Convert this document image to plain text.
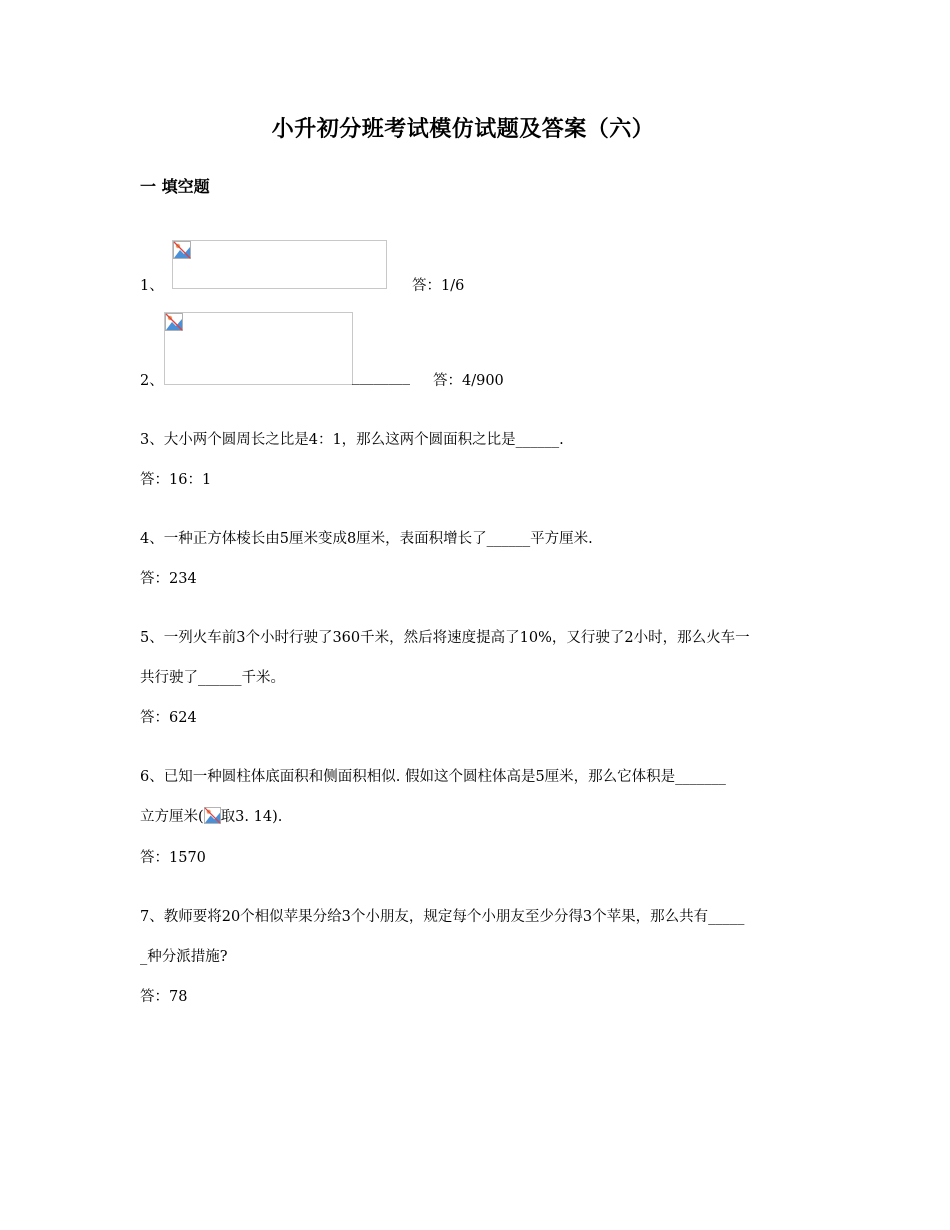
小升初分班考试模仿试题及答案（六）
一 填空题
1、	答：1/6
2、	________ 答：4/900
3、大小两个圆周长之比是4：1，那么这两个圆面积之比是______.
答：16：1
4、一种正方体棱长由5厘米变成8厘米，表面积增长了______平方厘米.
答：234
5、一列火车前3个小时行驶了360千米，然后将速度提高了10%，又行驶了2小时，那么火车一
共行驶了______千米。
答：624
6、已知一种圆柱体底面积和侧面积相似. 假如这个圆柱体高是5厘米，那么它体积是_______
立方厘米( 取3. 14).
答：1570
7、教师要将20个相似苹果分给3个小朋友，规定每个小朋友至少分得3个苹果，那么共有_____
_种分派措施?
答：78
